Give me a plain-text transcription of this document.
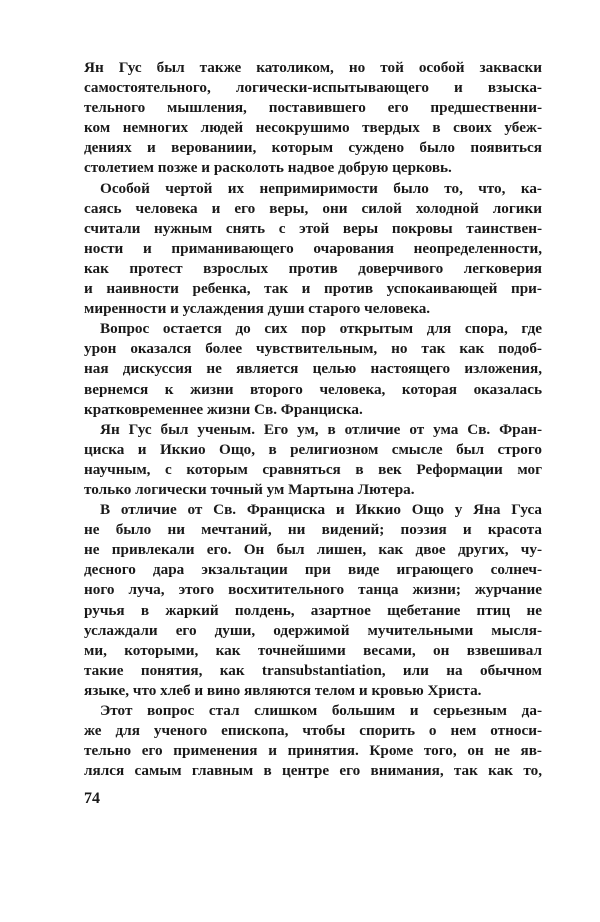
Ян Гус был также католиком, но той особой закваски
самостоятельного, логически-испытывающего и взыска-
тельного мышления, поставившего его предшественни-
ком немногих людей несокрушимо твердых в своих убеж-
дениях и верованиии, которым суждено было появиться
столетием позже и расколоть надвое добрую церковь.
Особой чертой их непримиримости было то, что, ка-
саясь человека и его веры, они силой холодной логики
считали нужным снять с этой веры покровы таинствен-
ности и приманивающего очарования неопределенности,
как протест взрослых против доверчивого легковерия
и наивности ребенка, так и против успокаивающей при-
миренности и услаждения души старого человека.
Вопрос остается до сих пор открытым для спора, где
урон оказался более чувствительным, но так как подоб-
ная дискуссия не является целью настоящего изложения,
вернемся к жизни второго человека, которая оказалась
кратковременнее жизни Св. Франциска.
Ян Гус был ученым. Его ум, в отличие от ума Св. Фран-
циска и Иккио Ощо, в религиозном смысле был строго
научным, с которым сравняться в век Реформации мог
только логически точный ум Мартына Лютера.
В отличие от Св. Франциска и Иккио Ощо у Яна Гуса
не было ни мечтаний, ни видений; поэзия и красота
не привлекали его. Он был лишен, как двое других, чу-
десного дара экзальтации при виде играющего солнеч-
ного луча, этого восхитительного танца жизни; журчание
ручья в жаркий полдень, азартное щебетание птиц не
услаждали его души, одержимой мучительными мысля-
ми, которыми, как точнейшими весами, он взвешивал
такие понятия, как transubstantiation, или на обычном
языке, что хлеб и вино являются телом и кровью Христа.
Этот вопрос стал слишком большим и серьезным да-
же для ученого епископа, чтобы спорить о нем относи-
тельно его применения и принятия. Кроме того, он не яв-
лялся самым главным в центре его внимания, так как то,
74
